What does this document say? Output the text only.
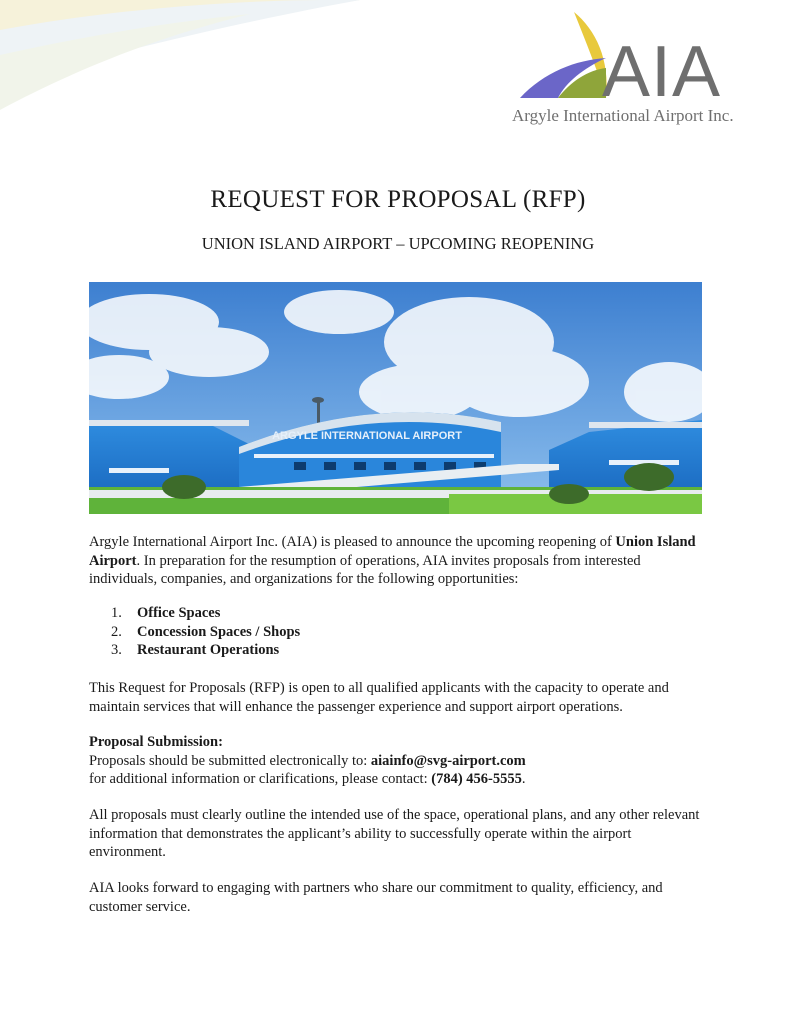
AIA
Argyle International Airport Inc.
REQUEST FOR PROPOSAL (RFP)
UNION ISLAND AIRPORT – UPCOMING REOPENING
ARGYLE INTERNATIONAL AIRPORT

Argyle International Airport Inc. (AIA) is pleased to announce the upcoming reopening of Union Island Airport. In preparation for the resumption of operations, AIA invites proposals from interested individuals, companies, and organizations for the following opportunities:

1. Office Spaces
2. Concession Spaces / Shops
3. Restaurant Operations

This Request for Proposals (RFP) is open to all qualified applicants with the capacity to operate and maintain services that will enhance the passenger experience and support airport operations.

Proposal Submission:
Proposals should be submitted electronically to: aiainfo@svg-airport.com
for additional information or clarifications, please contact: (784) 456-5555.

All proposals must clearly outline the intended use of the space, operational plans, and any other relevant information that demonstrates the applicant’s ability to successfully operate within the airport environment.

AIA looks forward to engaging with partners who share our commitment to quality, efficiency, and customer service.
